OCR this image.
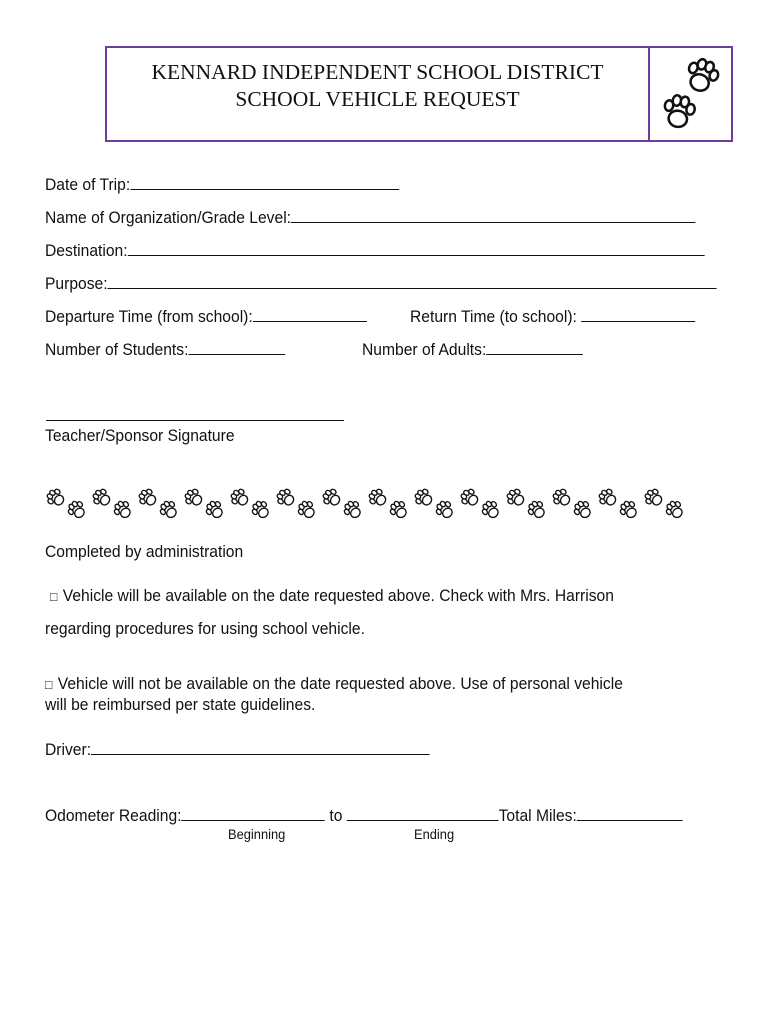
KENNARD INDEPENDENT SCHOOL DISTRICT
SCHOOL VEHICLE REQUEST
Date of Trip:
Name of Organization/Grade Level:
Destination:
Purpose:
Departure Time (from school):	Return Time (to school):
Number of Students:	Number of Adults:
Teacher/Sponsor Signature
Completed by administration
□ Vehicle will be available on the date requested above. Check with Mrs. Harrison
regarding procedures for using school vehicle.
□ Vehicle will not be available on the date requested above. Use of personal vehicle
will be reimbursed per state guidelines.
Driver:
Odometer Reading:	to	Total Miles:
Beginning	Ending
